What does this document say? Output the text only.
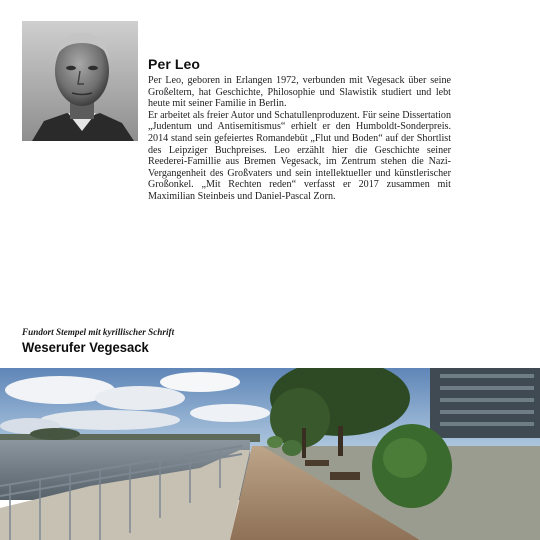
Per Leo

Per Leo, geboren in Erlangen 1972, verbunden mit Vegesack über seine Großeltern, hat Geschichte, Philosophie und Slawistik studiert und lebt heute mit seiner Familie in Berlin.

Er arbeitet als freier Autor und Schatullenproduzent. Für seine Dissertation „Judentum und Antisemitismus“ erhielt er den Humboldt-Sonderpreis. 2014 stand sein gefeiertes Romandebüt „Flut und Boden“ auf der Shortlist des Leipziger Buchpreises. Leo erzählt hier die Geschichte seiner Reederei-Famillie aus Bremen Vegesack, im Zentrum stehen die Nazi-Vergangenheit des Großvaters und sein intellektueller und künstlerischer Großonkel. „Mit Rechten reden“ verfasst er 2017 zusammen mit Maximilian Steinbeis und Daniel-Pascal Zorn.

Fundort Stempel mit kyrillischer Schrift
Weserufer Vegesack
